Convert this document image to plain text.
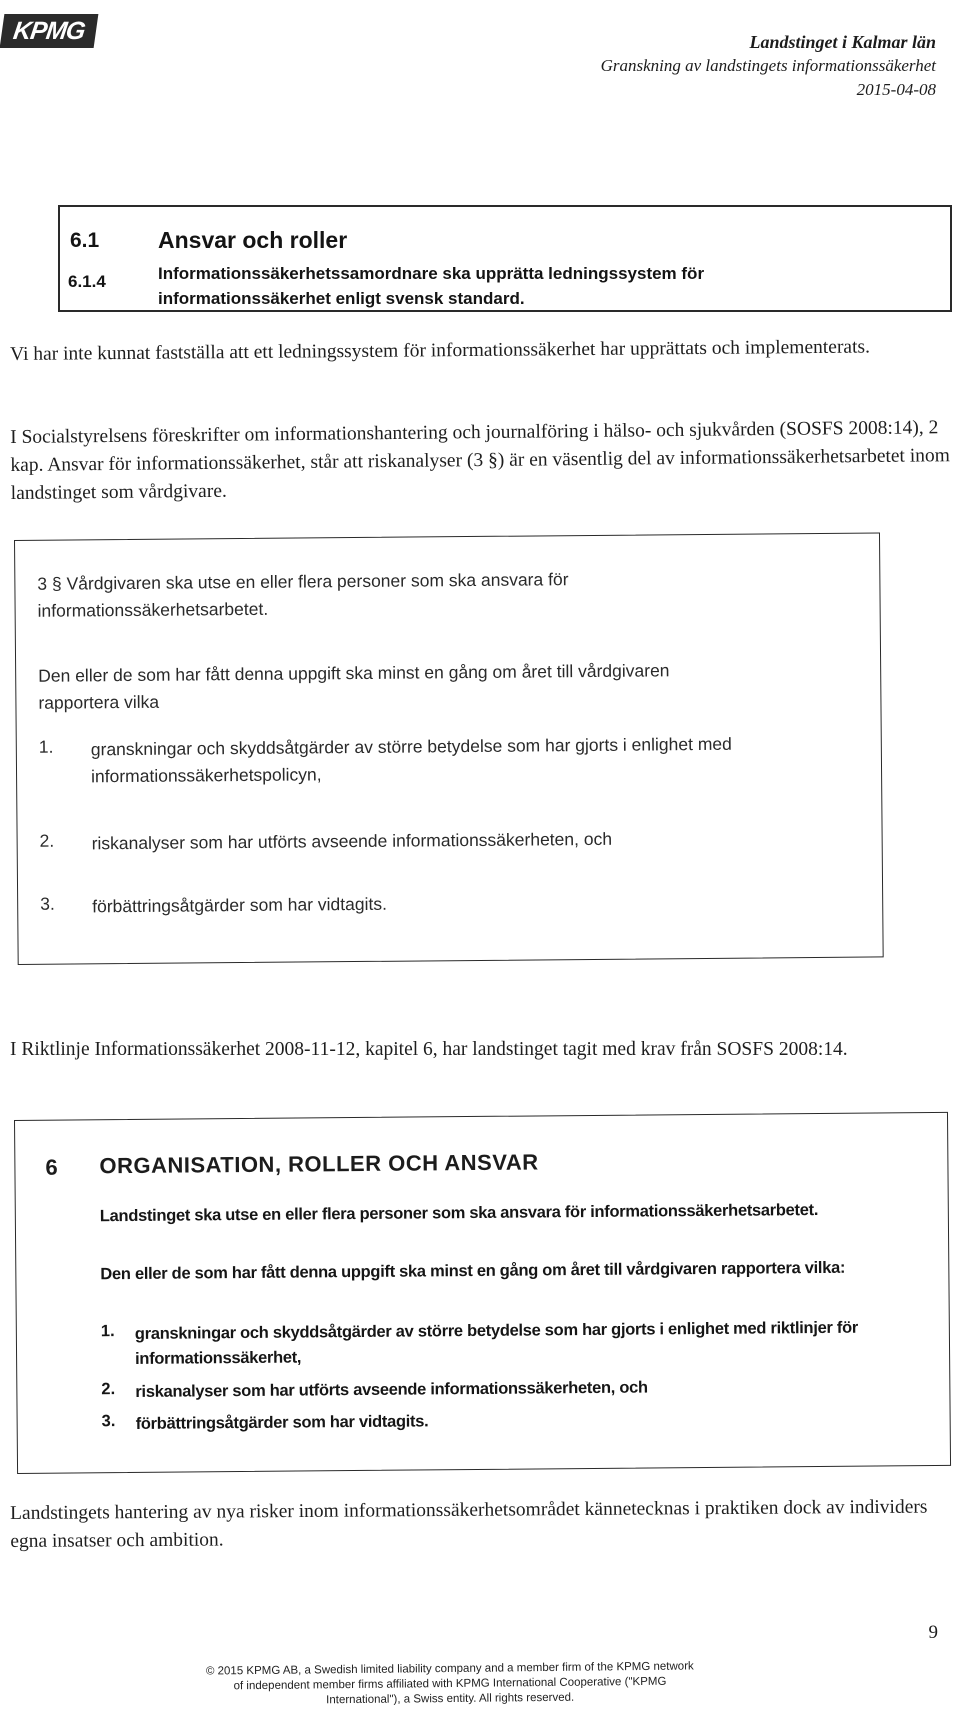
KPMG	Landstinget i Kalmar län
Granskning av landstingets informationssäkerhet
2015-04-08
6.1	Ansvar och roller
6.1.4	Informationssäkerhetssamordnare ska upprätta ledningssystem för informationssäkerhet enligt svensk standard.
Vi har inte kunnat fastställa att ett ledningssystem för informationssäkerhet har upprättats och implementerats.
I Socialstyrelsens föreskrifter om informationshantering och journalföring i hälso- och sjukvården (SOSFS 2008:14), 2 kap. Ansvar för informationssäkerhet, står att riskanalyser (3 §) är en väsentlig del av informationssäkerhetsarbetet inom landstinget som vårdgivare.
3 § Vårdgivaren ska utse en eller flera personer som ska ansvara för informationssäkerhetsarbetet.
Den eller de som har fått denna uppgift ska minst en gång om året till vårdgivaren rapportera vilka
1. granskningar och skyddsåtgärder av större betydelse som har gjorts i enlighet med informationssäkerhetspolicyn,
2. riskanalyser som har utförts avseende informationssäkerheten, och
3. förbättringsåtgärder som har vidtagits.
I Riktlinje Informationssäkerhet 2008-11-12, kapitel 6, har landstinget tagit med krav från SOSFS 2008:14.
6 ORGANISATION, ROLLER OCH ANSVAR
Landstinget ska utse en eller flera personer som ska ansvara för informationssäkerhetsarbetet.
Den eller de som har fått denna uppgift ska minst en gång om året till vårdgivaren rapportera vilka:
1. granskningar och skyddsåtgärder av större betydelse som har gjorts i enlighet med riktlinjer för informationssäkerhet,
2. riskanalyser som har utförts avseende informationssäkerheten, och
3. förbättringsåtgärder som har vidtagits.
Landstingets hantering av nya risker inom informationssäkerhetsområdet kännetecknas i praktiken dock av individers egna insatser och ambition.
9
© 2015 KPMG AB, a Swedish limited liability company and a member firm of the KPMG network of independent member firms affiliated with KPMG International Cooperative ("KPMG International"), a Swiss entity. All rights reserved.
